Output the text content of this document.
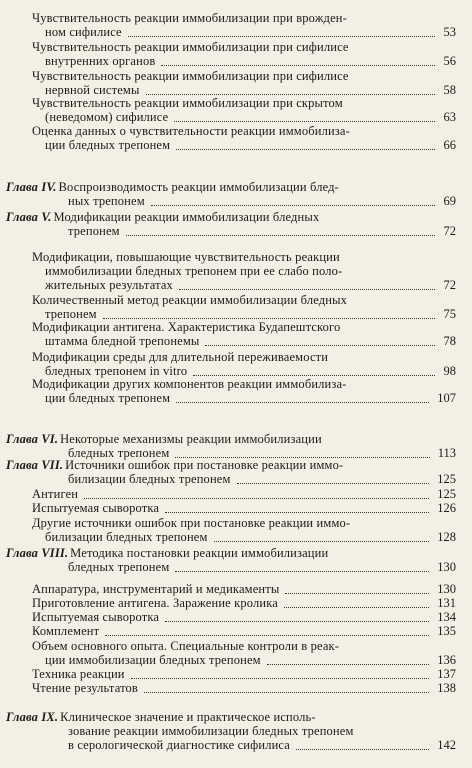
Чувствительность реакции иммобилизации при врожден-
ном сифилисе	53
Чувствительность реакции иммобилизации при сифилисе
внутренних органов	56
Чувствительность реакции иммобилизации при сифилисе
нервной системы	58
Чувствительность реакции иммобилизации при скрытом
(неведомом) сифилисе	63
Оценка данных о чувствительности реакции иммобилиза-
ции бледных трепонем	66
Глава IV. Воспроизводимость реакции иммобилизации блед-
ных трепонем	69
Глава V. Модификации реакции иммобилизации бледных
трепонем	72
Модификации, повышающие чувствительность реакции
иммобилизации бледных трепонем при ее слабо поло-
жительных результатах	72
Количественный метод реакции иммобилизации бледных
трепонем	75
Модификации антигена. Характеристика Будапештского
штамма бледной трепонемы	78
Модификации среды для длительной переживаемости
бледных трепонем in vitro	98
Модификации других компонентов реакции иммобилиза-
ции бледных трепонем	107
Глава VI. Некоторые механизмы реакции иммобилизации
бледных трепонем	113
Глава VII. Источники ошибок при постановке реакции иммо-
билизации бледных трепонем	125
Антиген	125
Испытуемая сыворотка	126
Другие источники ошибок при постановке реакции иммо-
билизации бледных трепонем	128
Глава VIII. Методика постановки реакции иммобилизации
бледных трепонем	130
Аппаратура, инструментарий и медикаменты	130
Приготовление антигена. Заражение кролика	131
Испытуемая сыворотка	134
Комплемент	135
Объем основного опыта. Специальные контроли в реак-
ции иммобилизации бледных трепонем	136
Техника реакции	137
Чтение результатов	138
Глава IX. Клиническое значение и практическое исполь-
зование реакции иммобилизации бледных трепонем
в серологической диагностике сифилиса	142
